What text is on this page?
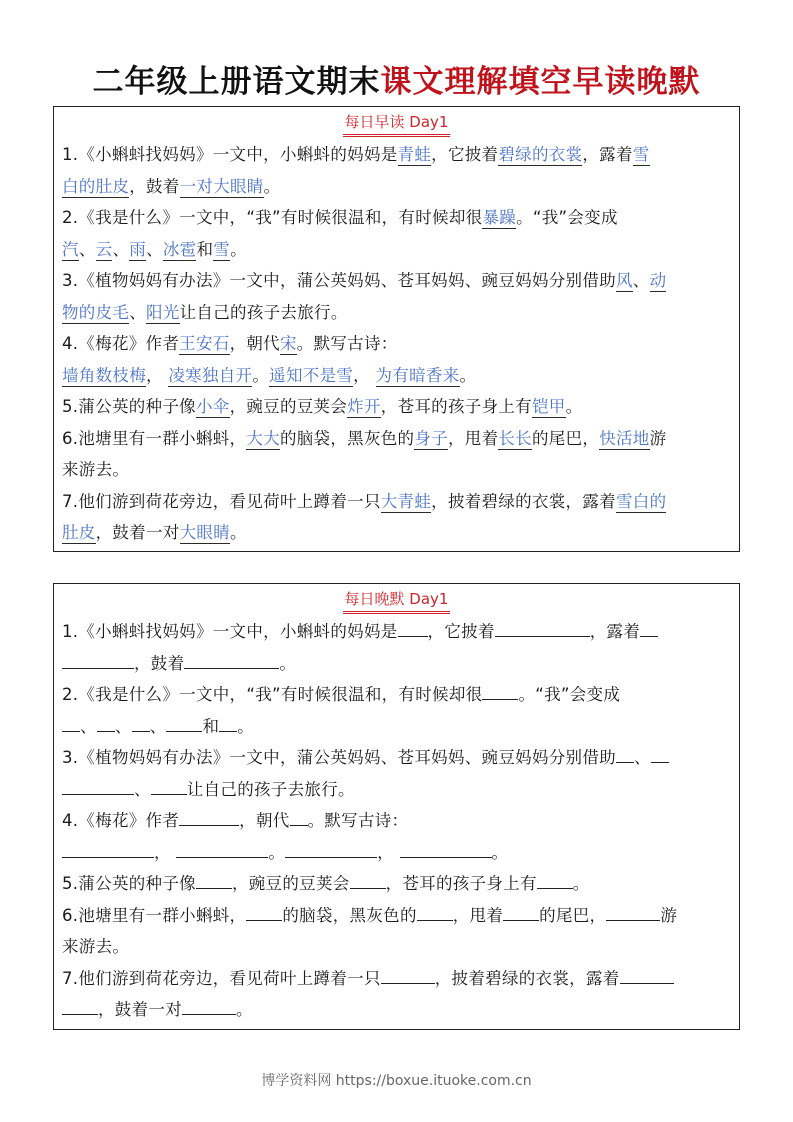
二年级上册语文期末课文理解填空早读晚默
每日早读 Day1
1.《小蝌蚪找妈妈》一文中，小蝌蚪的妈妈是青蛙，它披着碧绿的衣裳，露着雪
白的肚皮，鼓着一对大眼睛。
2.《我是什么》一文中，“我”有时候很温和，有时候却很暴躁。“我”会变成
汽、云、雨、冰雹和雪。
3.《植物妈妈有办法》一文中，蒲公英妈妈、苍耳妈妈、豌豆妈妈分别借助风、动
物的皮毛、阳光让自己的孩子去旅行。
4.《梅花》作者王安石，朝代宋。默写古诗：
墙角数枝梅， 凌寒独自开。遥知不是雪， 为有暗香来。
5.蒲公英的种子像小伞，豌豆的豆荚会炸开，苍耳的孩子身上有铠甲。
6.池塘里有一群小蝌蚪，大大的脑袋，黑灰色的身子，甩着长长的尾巴，快活地游
来游去。
7.他们游到荷花旁边，看见荷叶上蹲着一只大青蛙，披着碧绿的衣裳，露着雪白的
肚皮，鼓着一对大眼睛。
每日晚默 Day1
1.《小蝌蚪找妈妈》一文中，小蝌蚪的妈妈是 ，它披着	，露着
，鼓着	。
2.《我是什么》一文中，“我”有时候很温和，有时候却很 。“我”会变成
、 、 、 和 。
3.《植物妈妈有办法》一文中，蒲公英妈妈、苍耳妈妈、豌豆妈妈分别借助 、
、 让自己的孩子去旅行。
4.《梅花》作者	，朝代 。默写古诗：
，	。	，	。
5.蒲公英的种子像 ，豌豆的豆荚会 ，苍耳的孩子身上有 。
6.池塘里有一群小蝌蚪， 的脑袋，黑灰色的 ，甩着 的尾巴，	游
来游去。
7.他们游到荷花旁边，看见荷叶上蹲着一只	，披着碧绿的衣裳，露着
，鼓着一对	。
博学资料网 https://boxue.ituoke.com.cn
